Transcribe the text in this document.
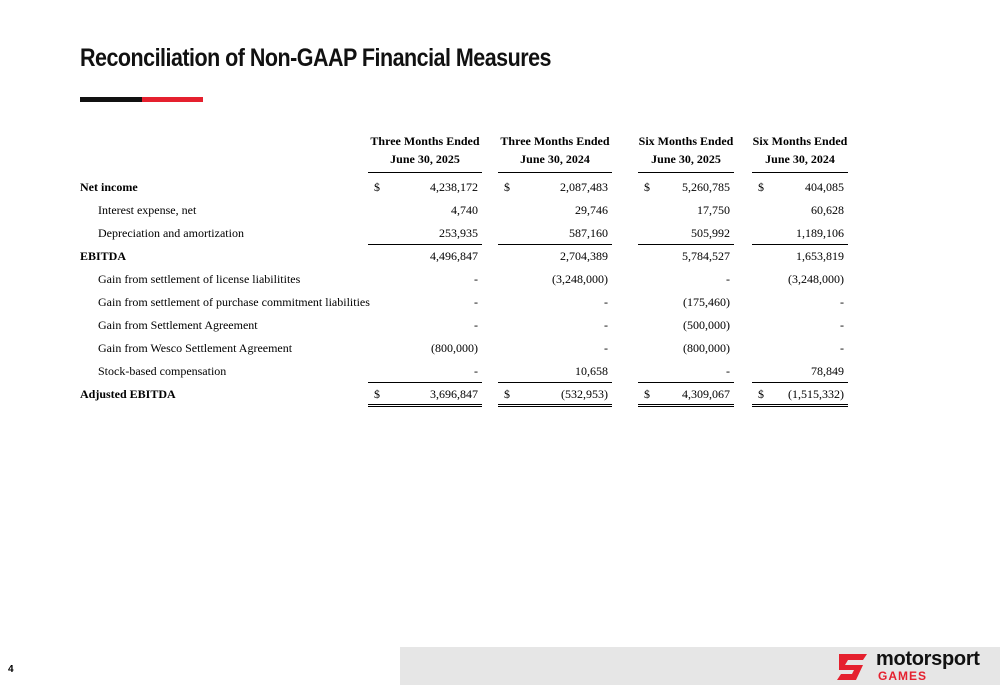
Reconciliation of Non-GAAP Financial Measures
Three Months Ended
June 30, 2025
Three Months Ended
June 30, 2024
Six Months Ended
June 30, 2025
Six Months Ended
June 30, 2024
Net income	$	4,238,172 $	2,087,483	$	5,260,785 $	404,085
Interest expense, net	4,740	29,746	17,750	60,628
Depreciation and amortization	253,935	587,160	505,992	1,189,106
EBITDA	4,496,847	2,704,389	5,784,527	1,653,819
Gain from settlement of license liabilitites	-	(3,248,000)	-	(3,248,000)
Gain from settlement of purchase commitment liabilities	-	-	(175,460)	-
Gain from Settlement Agreement	-	-	(500,000)	-
Gain from Wesco Settlement Agreement	(800,000)	-	(800,000)	-
Stock-based compensation	-	10,658	-	78,849
Adjusted EBITDA	$	3,696,847 $	(532,953)	$	4,309,067 $ (1,515,332)
4	motorsport
GAMES
